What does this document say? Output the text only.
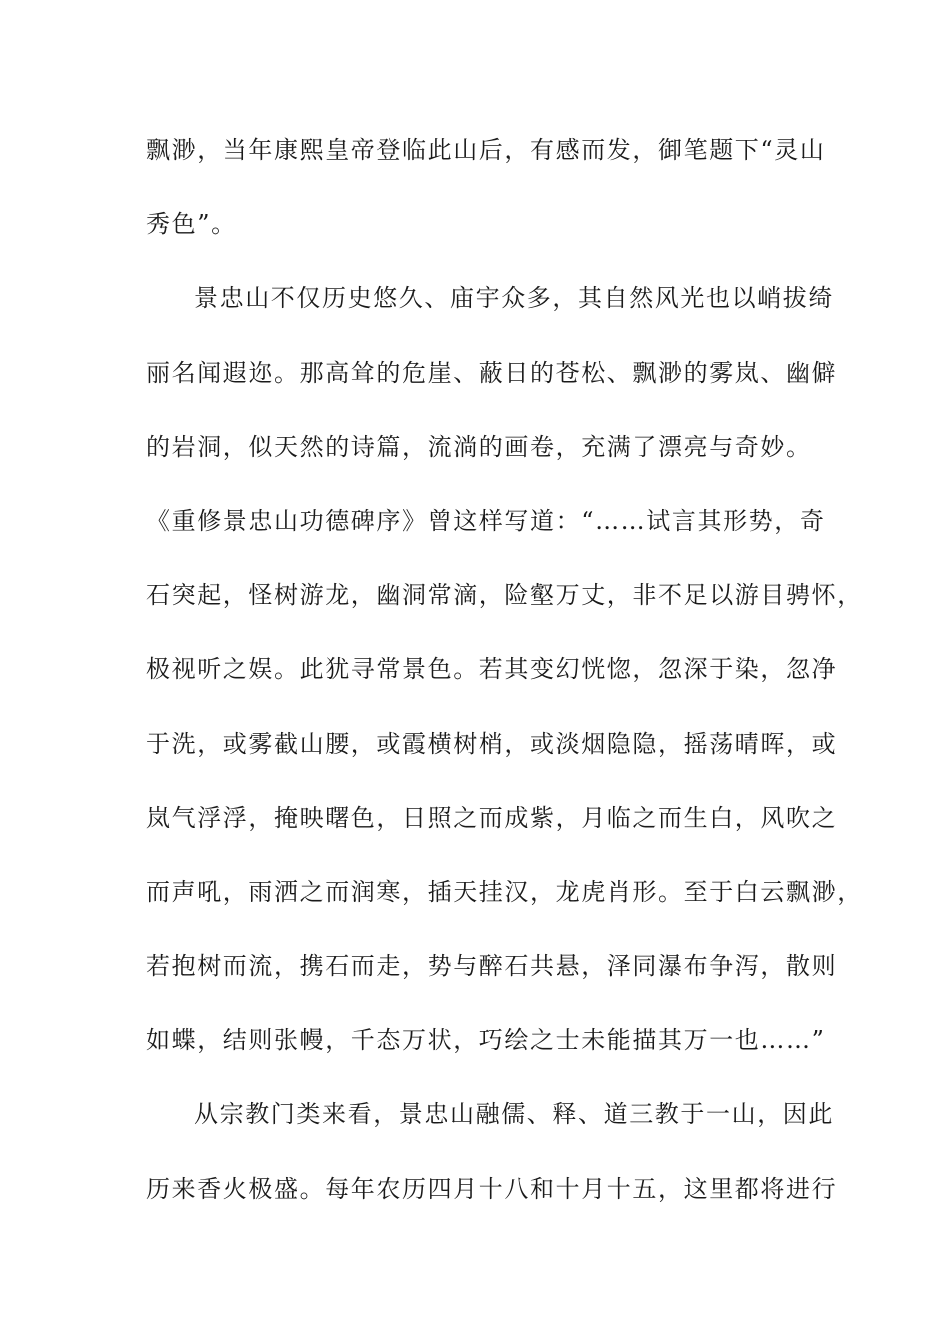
飘渺，当年康熙皇帝登临此山后，有感而发，御笔题下“灵山
秀色”。
景忠山不仅历史悠久、庙宇众多，其自然风光也以峭拔绮
丽名闻遐迩。那高耸的危崖、蔽日的苍松、飘渺的雾岚、幽僻
的岩洞，似天然的诗篇，流淌的画卷，充满了漂亮与奇妙。
《重修景忠山功德碑序》曾这样写道：“……试言其形势，奇
石突起，怪树游龙，幽洞常滴，险壑万丈，非不足以游目骋怀，
极视听之娱。此犹寻常景色。若其变幻恍惚，忽深于染，忽净
于洗，或雾截山腰，或霞横树梢，或淡烟隐隐，摇荡晴晖，或
岚气浮浮，掩映曙色，日照之而成紫，月临之而生白，风吹之
而声吼，雨洒之而润寒，插天挂汉，龙虎肖形。至于白云飘渺，
若抱树而流，携石而走，势与醉石共悬，泽同瀑布争泻，散则
如蝶，结则张幔，千态万状，巧绘之士未能描其万一也……”
从宗教门类来看，景忠山融儒、释、道三教于一山，因此
历来香火极盛。每年农历四月十八和十月十五，这里都将进行
